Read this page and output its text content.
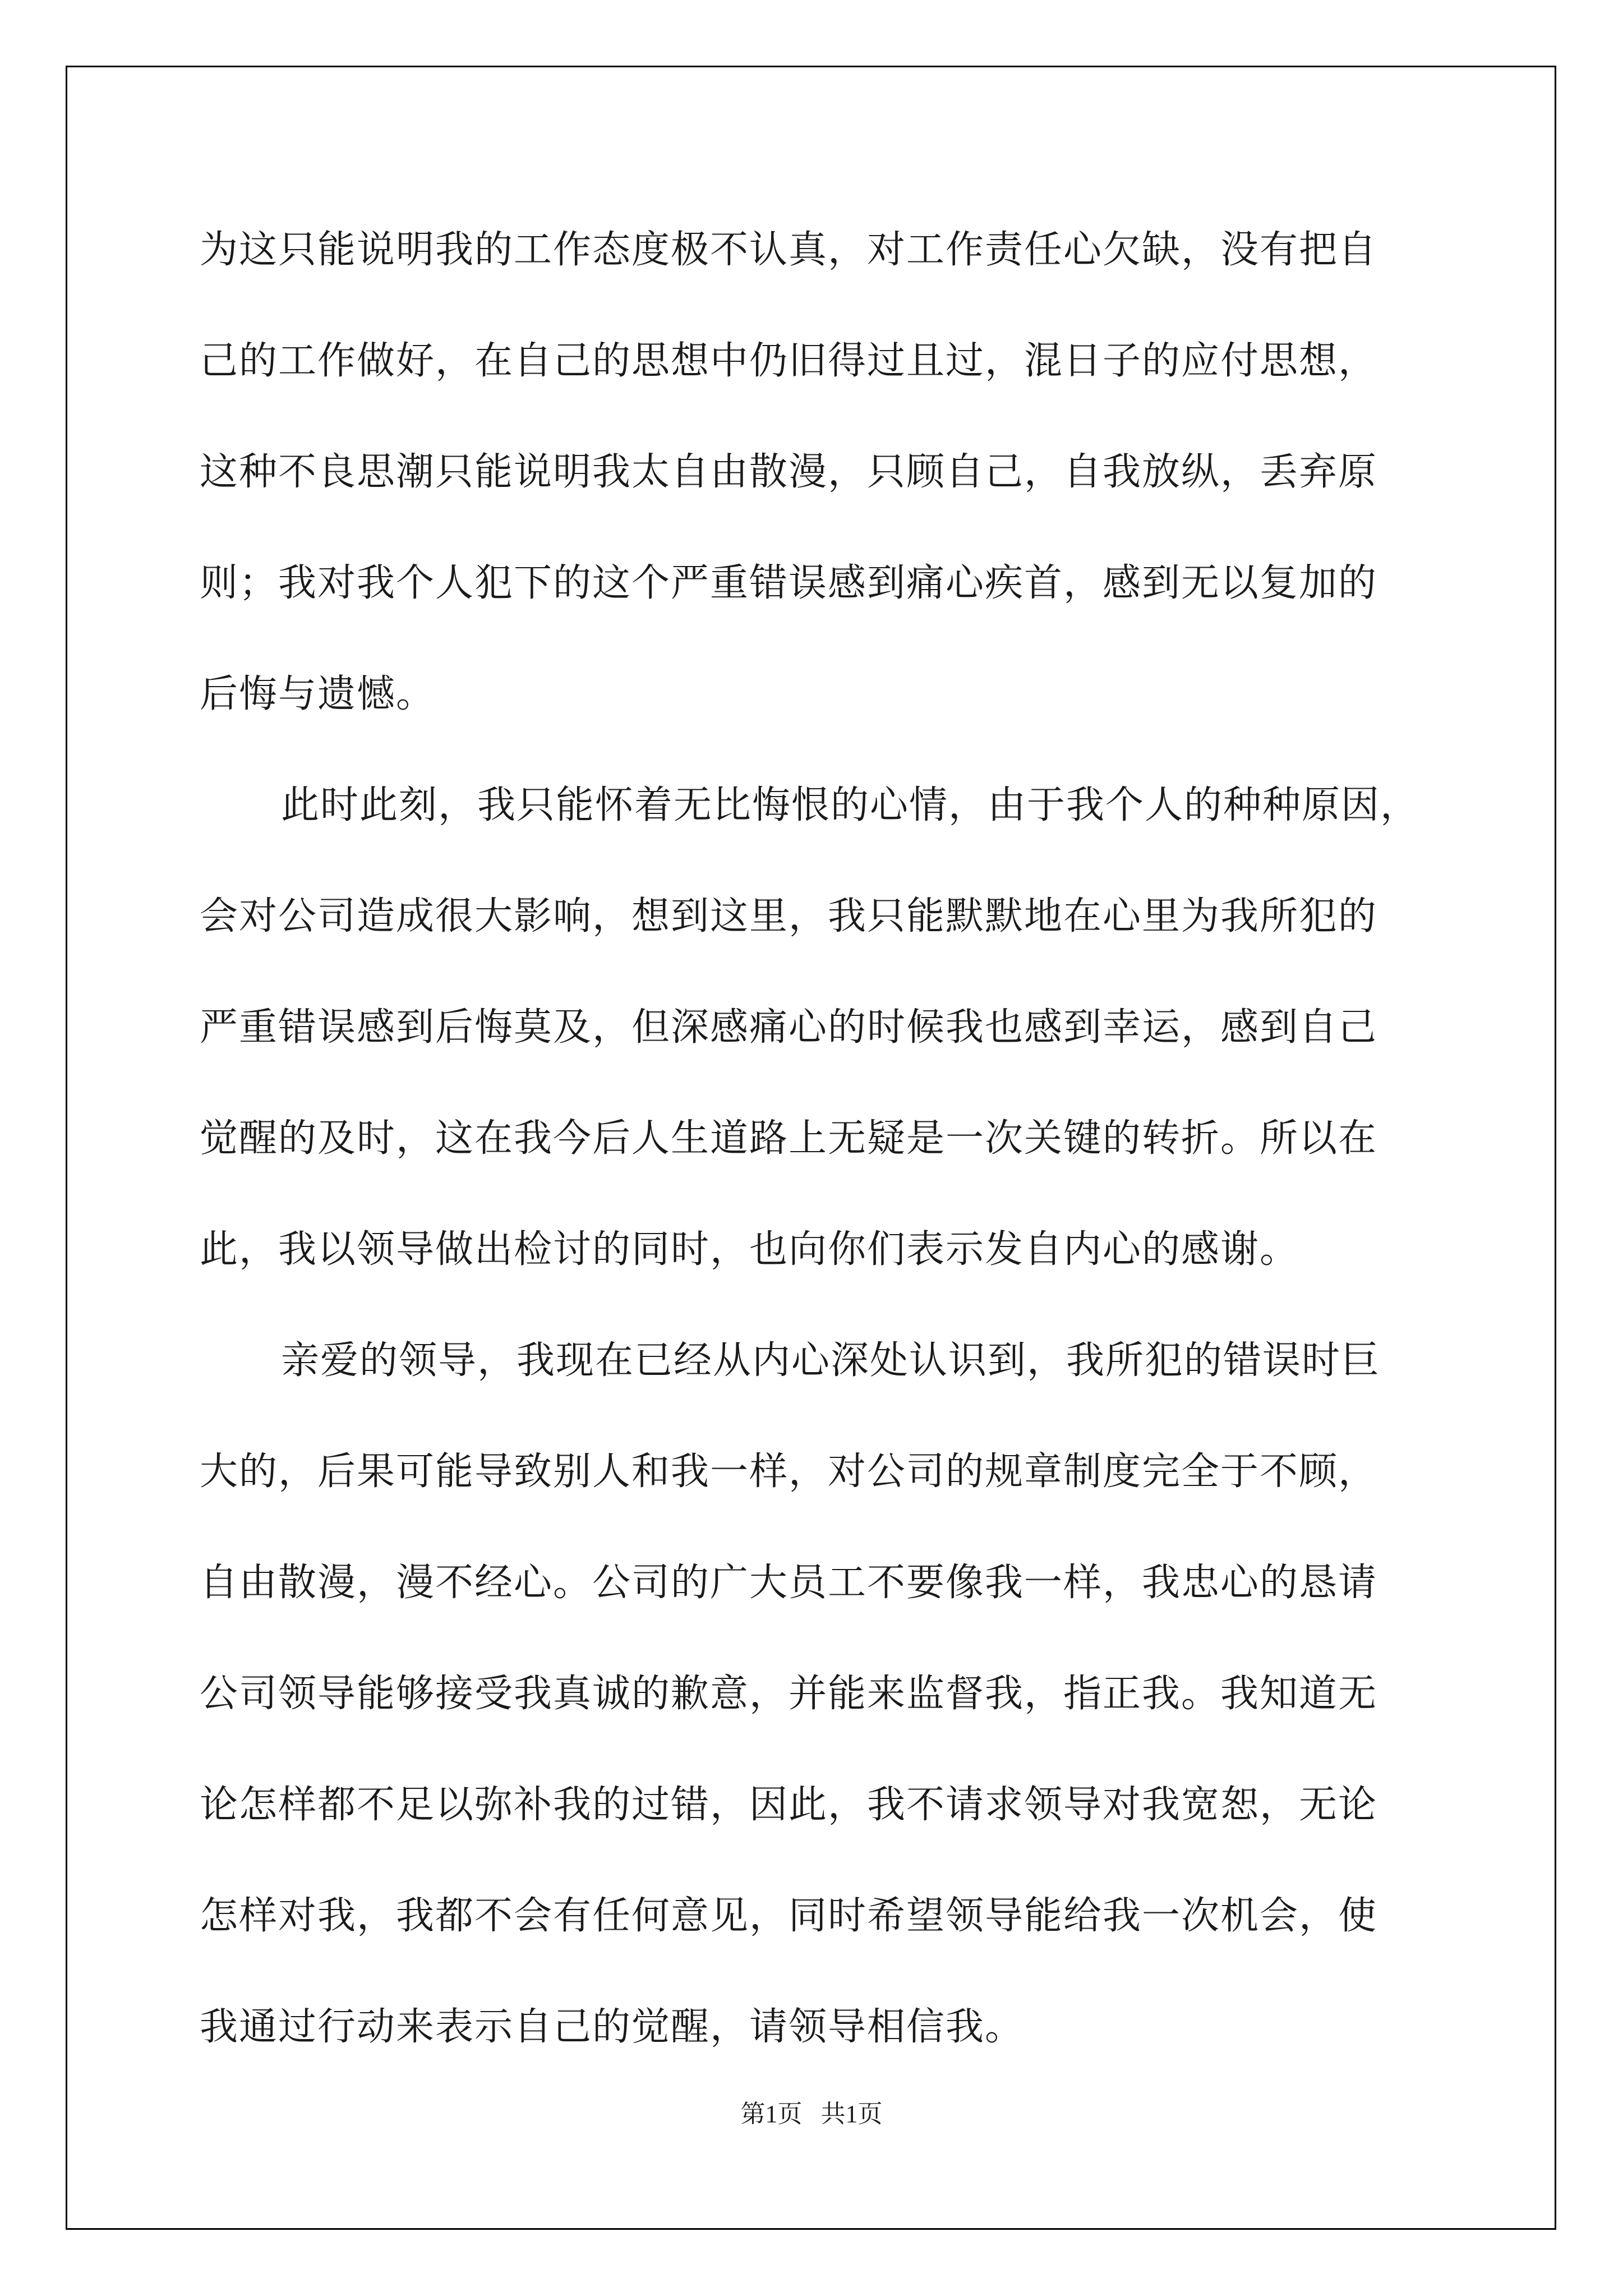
为这只能说明我的工作态度极不认真，对工作责任心欠缺，没有把自

己的工作做好，在自己的思想中仍旧得过且过，混日子的应付思想，

这种不良思潮只能说明我太自由散漫，只顾自己，自我放纵，丢弃原

则；我对我个人犯下的这个严重错误感到痛心疾首，感到无以复加的

后悔与遗憾。

此时此刻，我只能怀着无比悔恨的心情，由于我个人的种种原因，

会对公司造成很大影响，想到这里，我只能默默地在心里为我所犯的

严重错误感到后悔莫及，但深感痛心的时候我也感到幸运，感到自己

觉醒的及时，这在我今后人生道路上无疑是一次关键的转折。所以在

此，我以领导做出检讨的同时，也向你们表示发自内心的感谢。

亲爱的领导，我现在已经从内心深处认识到，我所犯的错误时巨

大的，后果可能导致别人和我一样，对公司的规章制度完全于不顾，

自由散漫，漫不经心。公司的广大员工不要像我一样，我忠心的恳请

公司领导能够接受我真诚的歉意，并能来监督我，指正我。我知道无

论怎样都不足以弥补我的过错，因此，我不请求领导对我宽恕，无论

怎样对我，我都不会有任何意见，同时希望领导能给我一次机会，使

我通过行动来表示自己的觉醒，请领导相信我。

第1页   共1页
